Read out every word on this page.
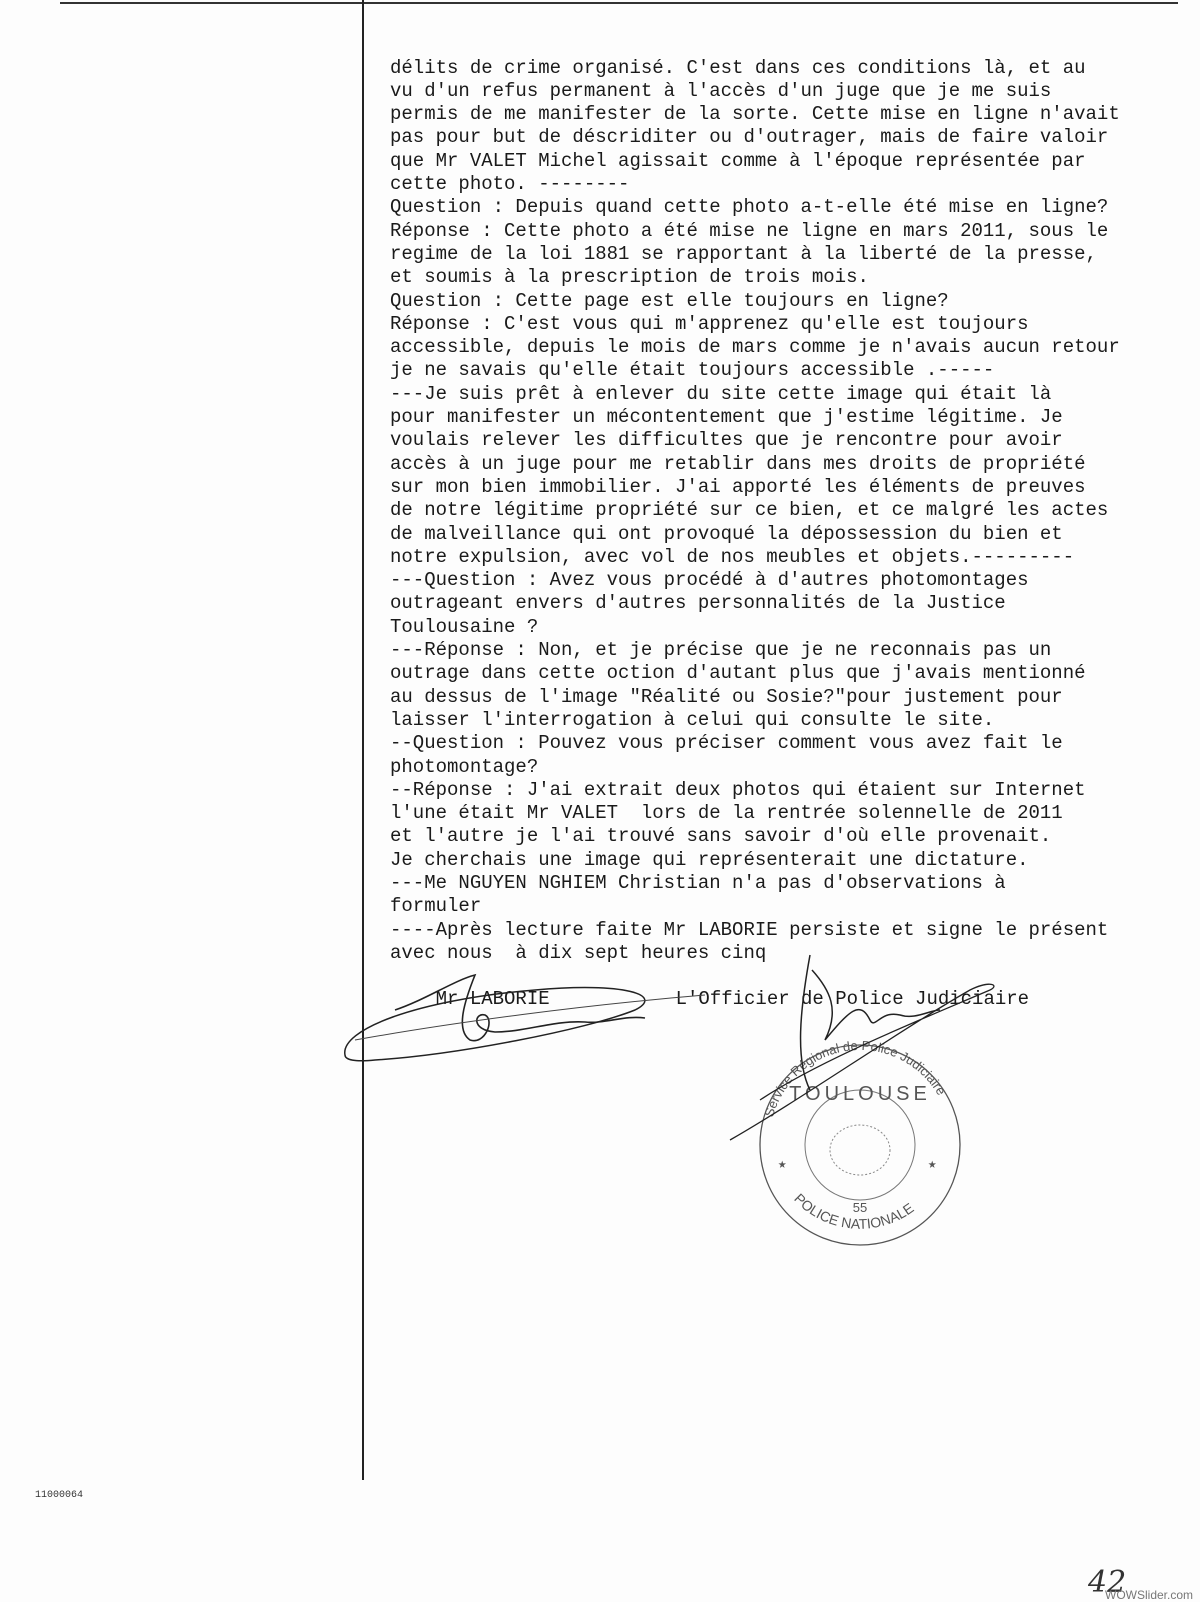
délits de crime organisé. C'est dans ces conditions là, et au
vu d'un refus permanent à l'accès d'un juge que je me suis
permis de me manifester de la sorte. Cette mise en ligne n'avait
pas pour but de déscriditer ou d'outrager, mais de faire valoir
que Mr VALET Michel agissait comme à l'époque représentée par
cette photo. --------
Question : Depuis quand cette photo a-t-elle été mise en ligne?
Réponse : Cette photo a été mise ne ligne en mars 2011, sous le
regime de la loi 1881 se rapportant à la liberté de la presse,
et soumis à la prescription de trois mois.
Question : Cette page est elle toujours en ligne?
Réponse : C'est vous qui m'apprenez qu'elle est toujours
accessible, depuis le mois de mars comme je n'avais aucun retour
je ne savais qu'elle était toujours accessible .-----
---Je suis prêt à enlever du site cette image qui était là
pour manifester un mécontentement que j'estime légitime. Je
voulais relever les difficultes que je rencontre pour avoir
accès à un juge pour me retablir dans mes droits de propriété
sur mon bien immobilier. J'ai apporté les éléments de preuves
de notre légitime propriété sur ce bien, et ce malgré les actes
de malveillance qui ont provoqué la dépossession du bien et
notre expulsion, avec vol de nos meubles et objets.---------
---Question : Avez vous procédé à d'autres photomontages
outrageant envers d'autres personnalités de la Justice
Toulousaine ?
---Réponse : Non, et je précise que je ne reconnais pas un
outrage dans cette oction d'autant plus que j'avais mentionné
au dessus de l'image "Réalité ou Sosie?"pour justement pour
laisser l'interrogation à celui qui consulte le site.
--Question : Pouvez vous préciser comment vous avez fait le
photomontage?
--Réponse : J'ai extrait deux photos qui étaient sur Internet
l'une était Mr VALET  lors de la rentrée solennelle de 2011
et l'autre je l'ai trouvé sans savoir d'où elle provenait.
Je cherchais une image qui représenterait une dictature.
---Me NGUYEN NGHIEM Christian n'a pas d'observations à
formuler
----Après lecture faite Mr LABORIE persiste et signe le présent
avec nous  à dix sept heures cinq

Mr LABORIE	L'Officier de Police Judiciaire

Service Régional de Police Judiciaire
TOULOUSE
55
POLICE NATIONALE
★	★
11000064
42
WOWSlider.com
